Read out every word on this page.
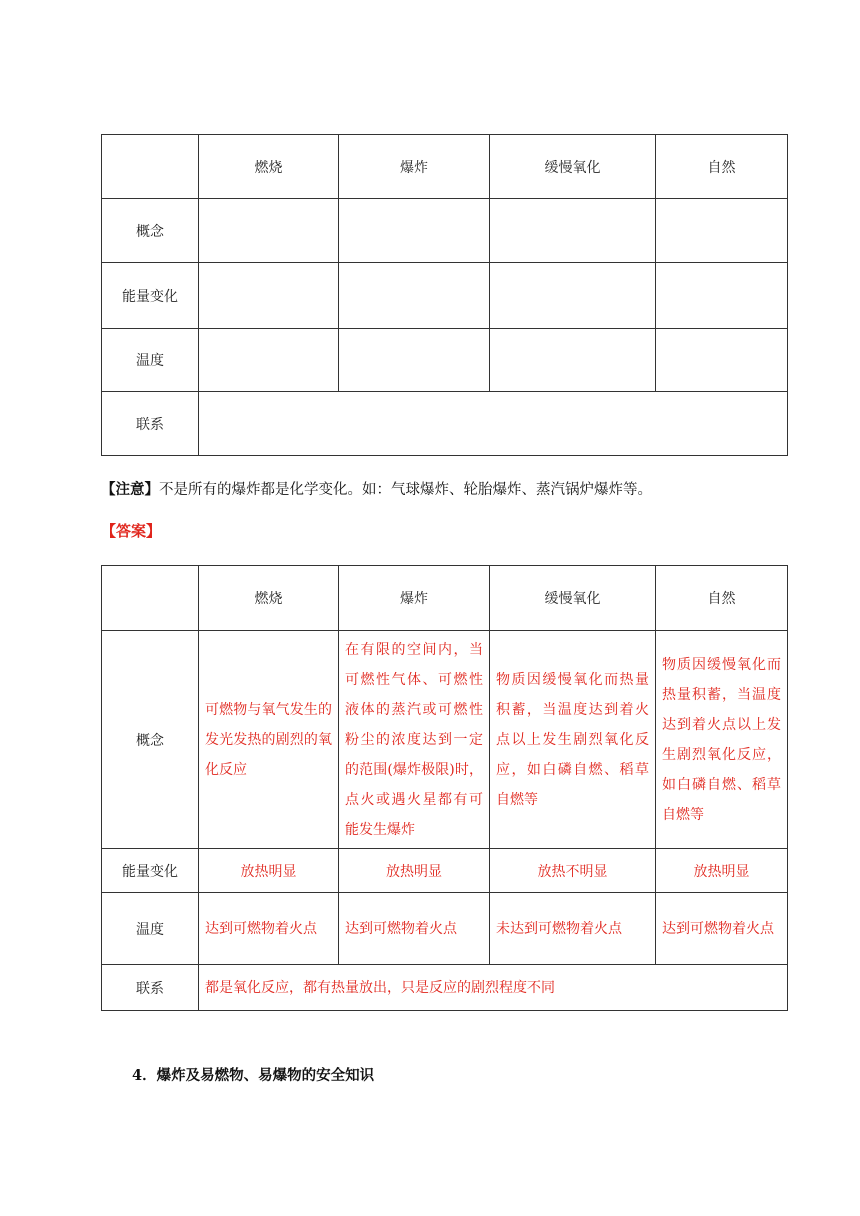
	燃烧	爆炸	缓慢氧化	自然
概念				
能量变化				
温度				
联系				
【注意】不是所有的爆炸都是化学变化。如：气球爆炸、轮胎爆炸、蒸汽锅炉爆炸等。
【答案】
	燃烧	爆炸	缓慢氧化	自然
概念	可燃物与氧气发生的发光发热的剧烈的氧化反应	在有限的空间内，当可燃性气体、可燃性液体的蒸汽或可燃性粉尘的浓度达到一定的范围(爆炸极限)时，点火或遇火星都有可能发生爆炸	物质因缓慢氧化而热量积蓄，当温度达到着火点以上发生剧烈氧化反应，如白磷自燃、稻草自燃等	物质因缓慢氧化而热量积蓄，当温度达到着火点以上发生剧烈氧化反应，如白磷自燃、稻草自燃等
能量变化	放热明显	放热明显	放热不明显	放热明显
温度	达到可燃物着火点	达到可燃物着火点	未达到可燃物着火点	达到可燃物着火点
联系	都是氧化反应，都有热量放出，只是反应的剧烈程度不同			
4．爆炸及易燃物、易爆物的安全知识
